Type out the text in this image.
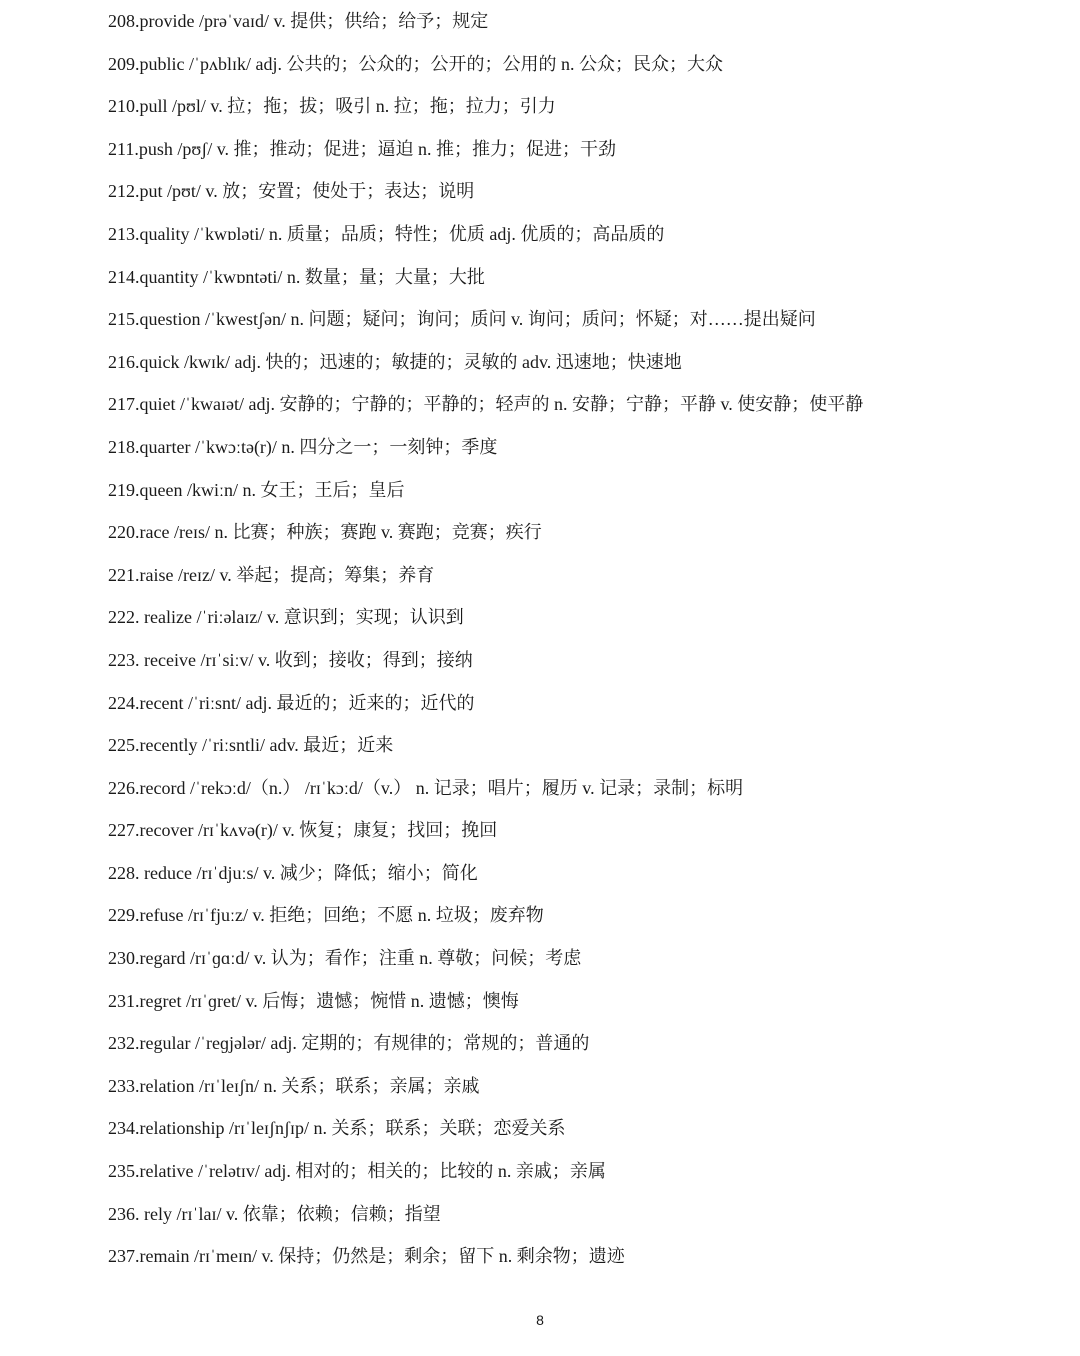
208.provide /prəˈvaɪd/ v. 提供；供给；给予；规定
209.public /ˈpʌblɪk/ adj. 公共的；公众的；公开的；公用的 n. 公众；民众；大众
210.pull /pʊl/ v. 拉；拖；拔；吸引 n. 拉；拖；拉力；引力
211.push /pʊʃ/ v. 推；推动；促进；逼迫 n. 推；推力；促进；干劲
212.put /pʊt/ v. 放；安置；使处于；表达；说明
213.quality /ˈkwɒləti/ n. 质量；品质；特性；优质 adj. 优质的；高品质的
214.quantity /ˈkwɒntəti/ n. 数量；量；大量；大批
215.question /ˈkwestʃən/ n. 问题；疑问；询问；质问 v. 询问；质问；怀疑；对……提出疑问
216.quick /kwɪk/ adj. 快的；迅速的；敏捷的；灵敏的 adv. 迅速地；快速地
217.quiet /ˈkwaɪət/ adj. 安静的；宁静的；平静的；轻声的 n. 安静；宁静；平静 v. 使安静；使平静
218.quarter /ˈkwɔːtə(r)/ n. 四分之一；一刻钟；季度
219.queen /kwiːn/ n. 女王；王后；皇后
220.race /reɪs/ n. 比赛；种族；赛跑 v. 赛跑；竞赛；疾行
221.raise /reɪz/ v. 举起；提高；筹集；养育
222. realize /ˈriːəlaɪz/ v. 意识到；实现；认识到
223. receive /rɪˈsiːv/ v. 收到；接收；得到；接纳
224.recent /ˈriːsnt/ adj. 最近的；近来的；近代的
225.recently /ˈriːsntli/ adv. 最近；近来
226.record /ˈrekɔːd/（n.） /rɪˈkɔːd/（v.） n. 记录；唱片；履历 v. 记录；录制；标明
227.recover /rɪˈkʌvə(r)/ v. 恢复；康复；找回；挽回
228. reduce /rɪˈdjuːs/ v. 减少；降低；缩小；简化
229.refuse /rɪˈfjuːz/ v. 拒绝；回绝；不愿 n. 垃圾；废弃物
230.regard /rɪˈɡɑːd/ v. 认为；看作；注重 n. 尊敬；问候；考虑
231.regret /rɪˈɡret/ v. 后悔；遗憾；惋惜 n. 遗憾；懊悔
232.regular /ˈreɡjələr/ adj. 定期的；有规律的；常规的；普通的
233.relation /rɪˈleɪʃn/ n. 关系；联系；亲属；亲戚
234.relationship /rɪˈleɪʃnʃɪp/ n. 关系；联系；关联；恋爱关系
235.relative /ˈrelətɪv/ adj. 相对的；相关的；比较的 n. 亲戚；亲属
236. rely /rɪˈlaɪ/ v. 依靠；依赖；信赖；指望
237.remain /rɪˈmeɪn/ v. 保持；仍然是；剩余；留下 n. 剩余物；遗迹
8
